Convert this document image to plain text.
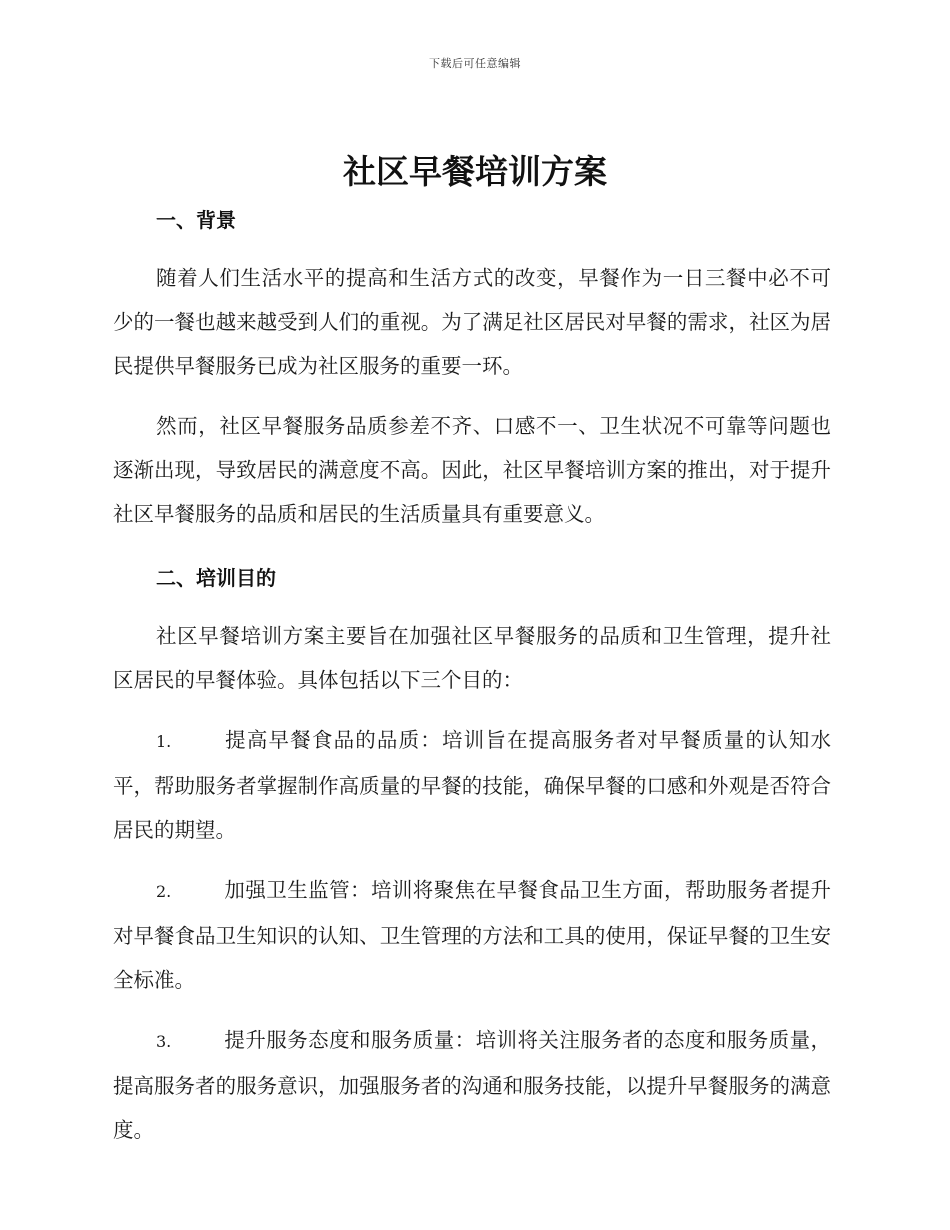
下载后可任意编辑
社区早餐培训方案
一、背景

随着人们生活水平的提高和生活方式的改变，早餐作为一日三餐中必不可少的一餐也越来越受到人们的重视。为了满足社区居民对早餐的需求，社区为居民提供早餐服务已成为社区服务的重要一环。

然而，社区早餐服务品质参差不齐、口感不一、卫生状况不可靠等问题也逐渐出现，导致居民的满意度不高。因此，社区早餐培训方案的推出，对于提升社区早餐服务的品质和居民的生活质量具有重要意义。

二、培训目的

社区早餐培训方案主要旨在加强社区早餐服务的品质和卫生管理，提升社区居民的早餐体验。具体包括以下三个目的：

1.	提高早餐食品的品质：培训旨在提高服务者对早餐质量的认知水平，帮助服务者掌握制作高质量的早餐的技能，确保早餐的口感和外观是否符合居民的期望。

2.	加强卫生监管：培训将聚焦在早餐食品卫生方面，帮助服务者提升对早餐食品卫生知识的认知、卫生管理的方法和工具的使用，保证早餐的卫生安全标准。

3.	提升服务态度和服务质量：培训将关注服务者的态度和服务质量，提高服务者的服务意识，加强服务者的沟通和服务技能，以提升早餐服务的满意度。
